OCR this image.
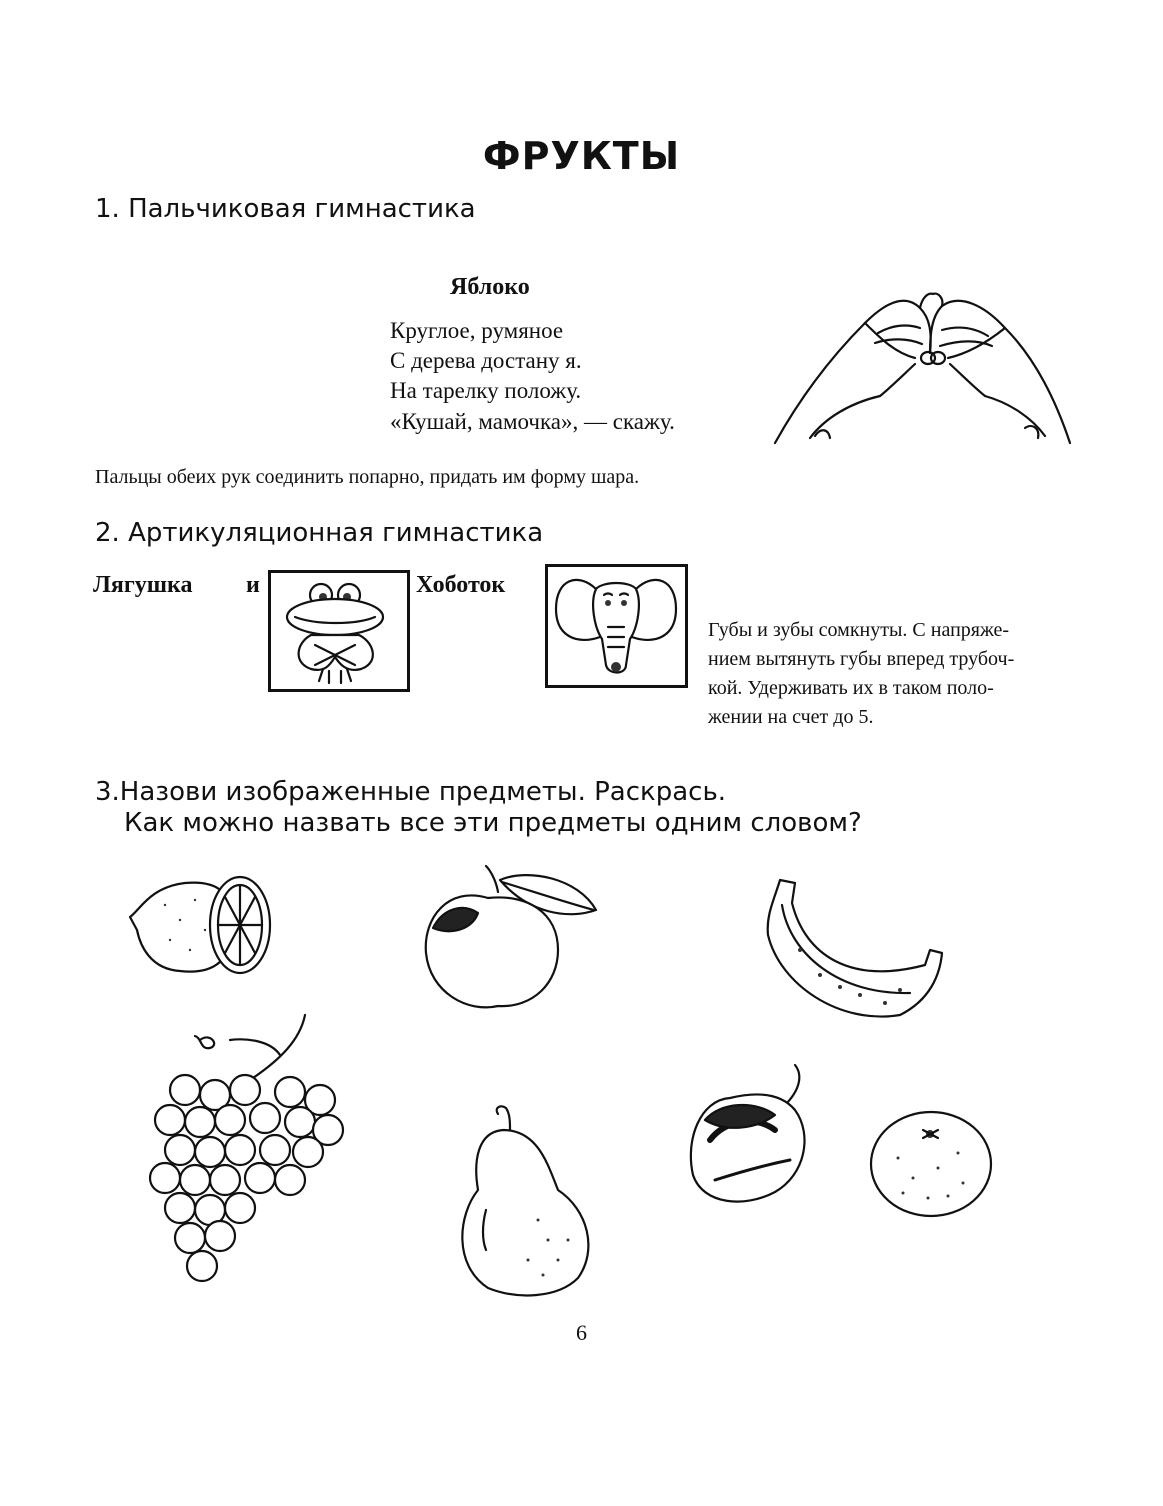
ФРУКТЫ
1. Пальчиковая гимнастика
Яблоко
Круглое, румяное
С дерева достану я.
На тарелку положу.
«Кушай, мамочка», — скажу.
Пальцы обеих рук соединить попарно, придать им форму шара.
2. Артикуляционная гимнастика
Лягушка и	Хоботок
Губы и зубы сомкнуты. С напряже-
нием вытянуть губы вперед трубоч-
кой. Удерживать их в таком поло-
жении на счет до 5.
3.Назови изображенные предметы. Раскрась.
Как можно назвать все эти предметы одним словом?
6
